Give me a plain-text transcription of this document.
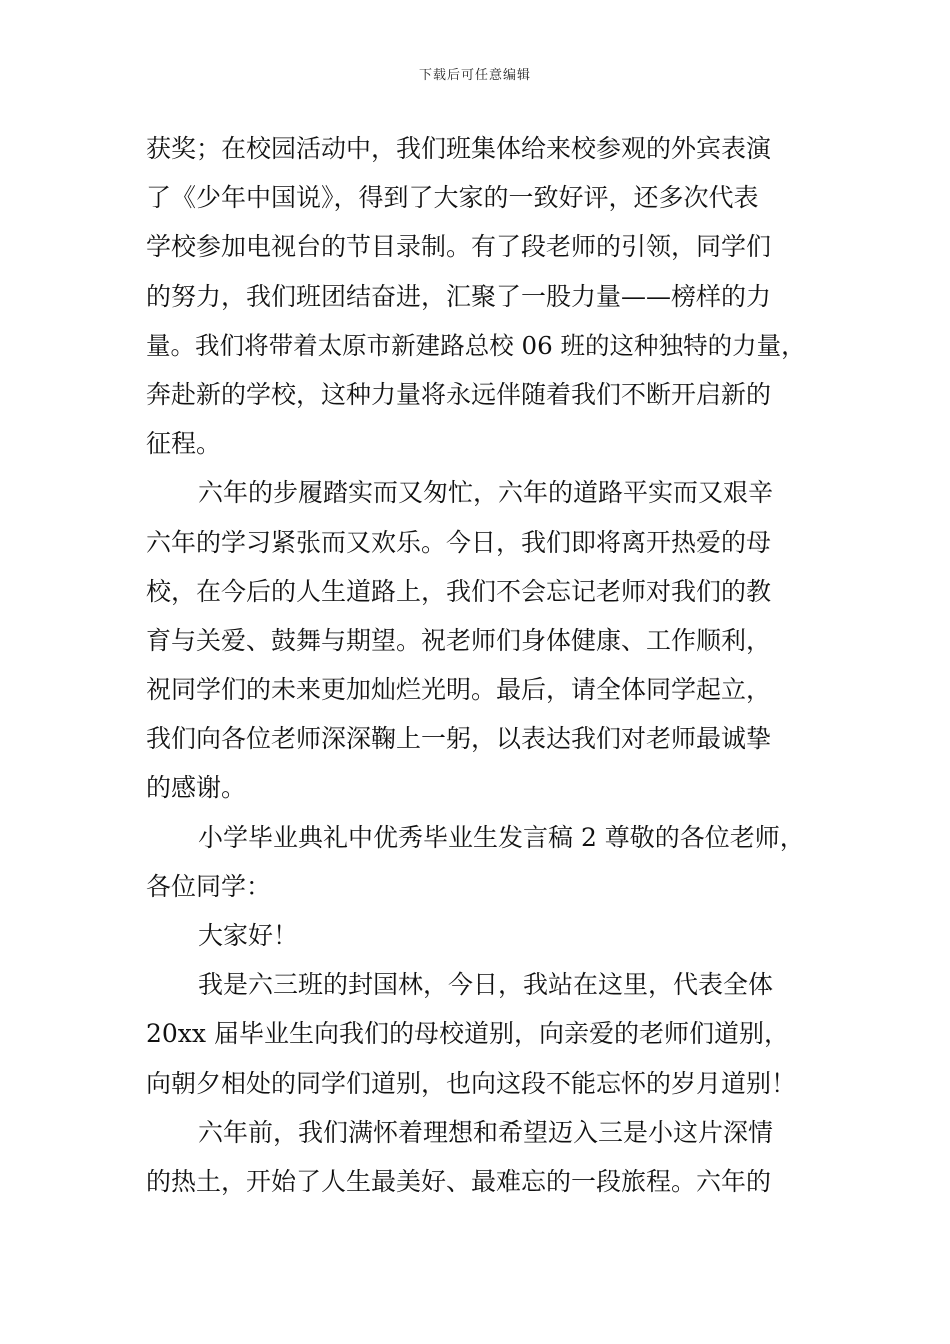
下载后可任意编辑
获奖；在校园活动中，我们班集体给来校参观的外宾表演
了《少年中国说》，得到了大家的一致好评，还多次代表
学校参加电视台的节目录制。有了段老师的引领，同学们
的努力，我们班团结奋进，汇聚了一股力量——榜样的力
量。我们将带着太原市新建路总校 06 班的这种独特的力量，
奔赴新的学校，这种力量将永远伴随着我们不断开启新的
征程。
六年的步履踏实而又匆忙，六年的道路平实而又艰辛
六年的学习紧张而又欢乐。今日，我们即将离开热爱的母
校，在今后的人生道路上，我们不会忘记老师对我们的教
育与关爱、鼓舞与期望。祝老师们身体健康、工作顺利，
祝同学们的未来更加灿烂光明。最后，请全体同学起立，
我们向各位老师深深鞠上一躬，以表达我们对老师最诚挚
的感谢。
小学毕业典礼中优秀毕业生发言稿 2 尊敬的各位老师，
各位同学：
大家好！
我是六三班的封国林，今日，我站在这里，代表全体
20xx 届毕业生向我们的母校道别，向亲爱的老师们道别，
向朝夕相处的同学们道别，也向这段不能忘怀的岁月道别！
六年前，我们满怀着理想和希望迈入三是小这片深情
的热土，开始了人生最美好、最难忘的一段旅程。六年的
